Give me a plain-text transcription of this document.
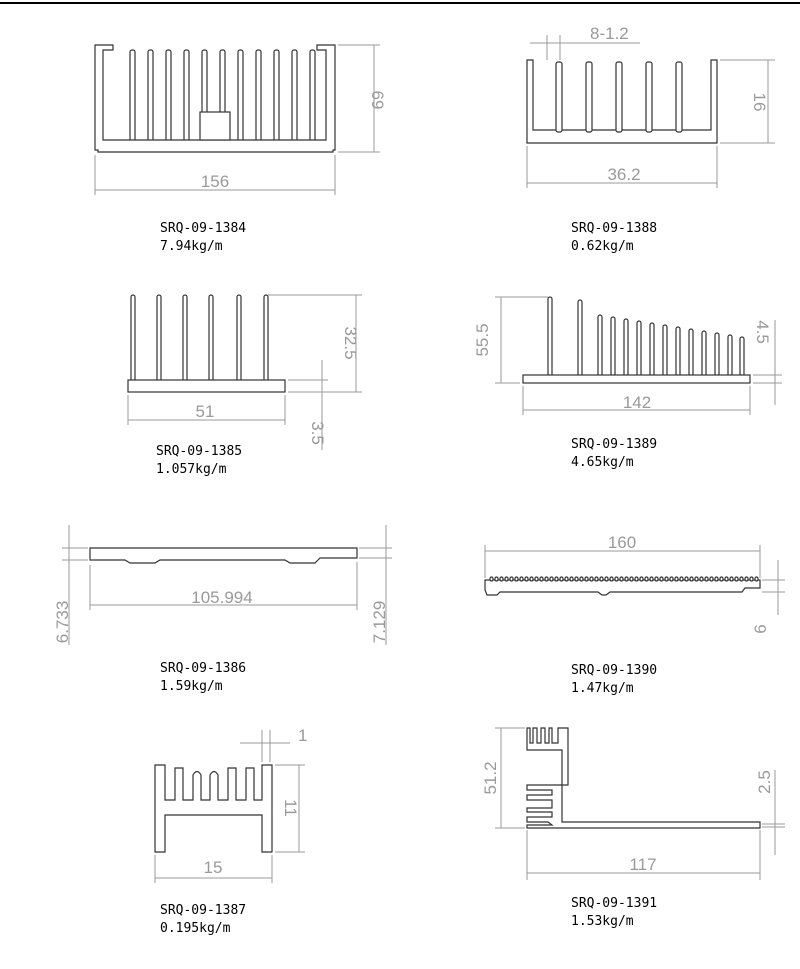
69
156
SRQ-09-1384
7.94kg/m
8-1.2
16
36.2
SRQ-09-1388
0.62kg/m
32.5
51
3.5
SRQ-09-1385
1.057kg/m
55.5	4.5
142
SRQ-09-1389
4.65kg/m
6.733	7.129
105.994
SRQ-09-1386
1.59kg/m
160
6
SRQ-09-1390
1.47kg/m
1
11
15
SRQ-09-1387
0.195kg/m
51.2	2.5
117
SRQ-09-1391
1.53kg/m
